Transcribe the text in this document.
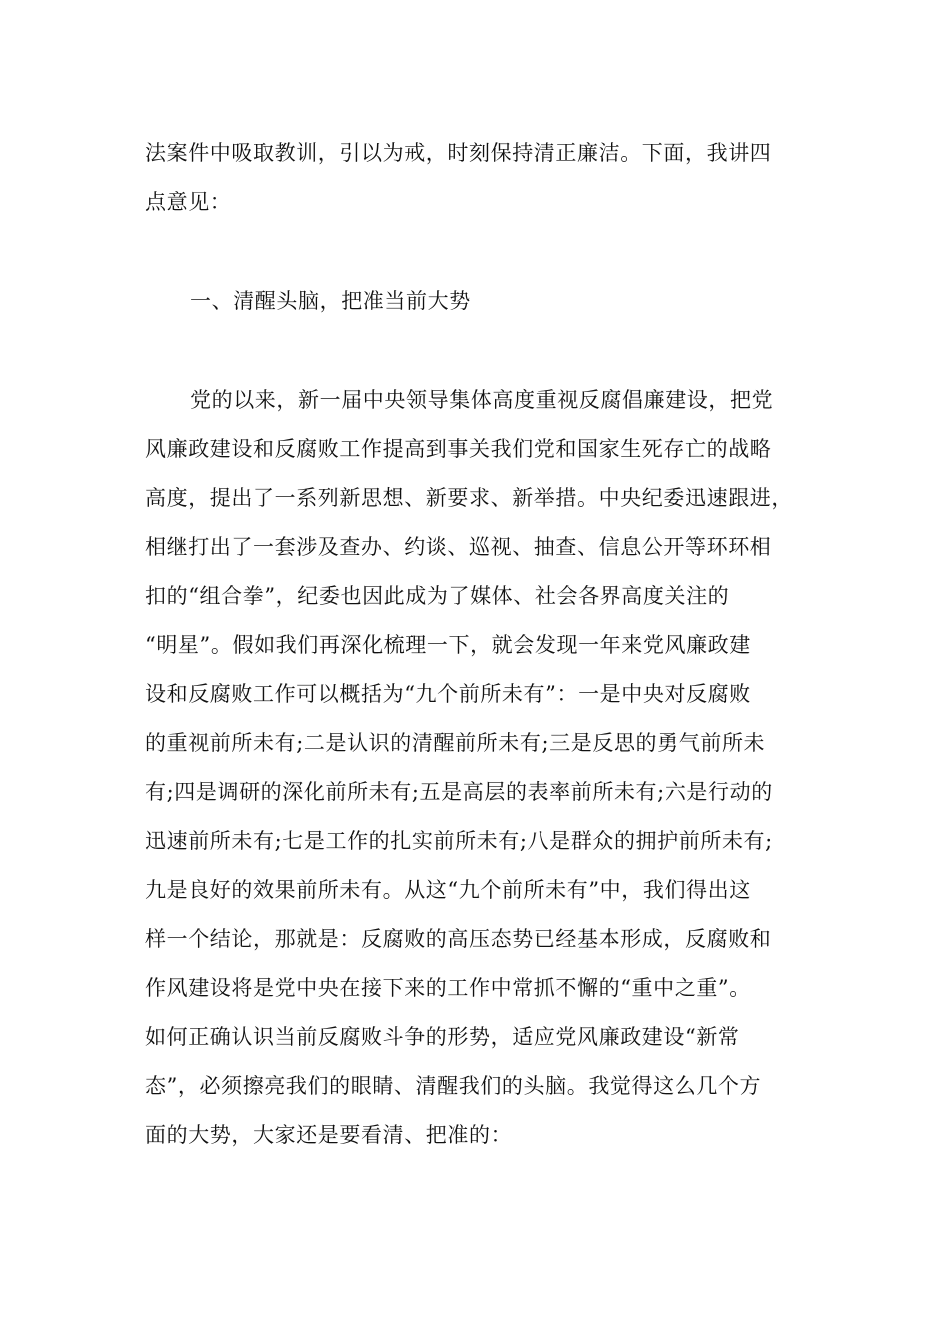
法案件中吸取教训，引以为戒，时刻保持清正廉洁。下面，我讲四
点意见：
一、清醒头脑，把准当前大势
党的以来，新一届中央领导集体高度重视反腐倡廉建设，把党
风廉政建设和反腐败工作提高到事关我们党和国家生死存亡的战略
高度，提出了一系列新思想、新要求、新举措。中央纪委迅速跟进，
相继打出了一套涉及查办、约谈、巡视、抽查、信息公开等环环相
扣的“组合拳”，纪委也因此成为了媒体、社会各界高度关注的
“明星”。假如我们再深化梳理一下，就会发现一年来党风廉政建
设和反腐败工作可以概括为“九个前所未有”：一是中央对反腐败
的重视前所未有;二是认识的清醒前所未有;三是反思的勇气前所未
有;四是调研的深化前所未有;五是高层的表率前所未有;六是行动的
迅速前所未有;七是工作的扎实前所未有;八是群众的拥护前所未有;
九是良好的效果前所未有。从这“九个前所未有”中，我们得出这
样一个结论，那就是：反腐败的高压态势已经基本形成，反腐败和
作风建设将是党中央在接下来的工作中常抓不懈的“重中之重”。
如何正确认识当前反腐败斗争的形势，适应党风廉政建设“新常
态”，必须擦亮我们的眼睛、清醒我们的头脑。我觉得这么几个方
面的大势，大家还是要看清、把准的：
